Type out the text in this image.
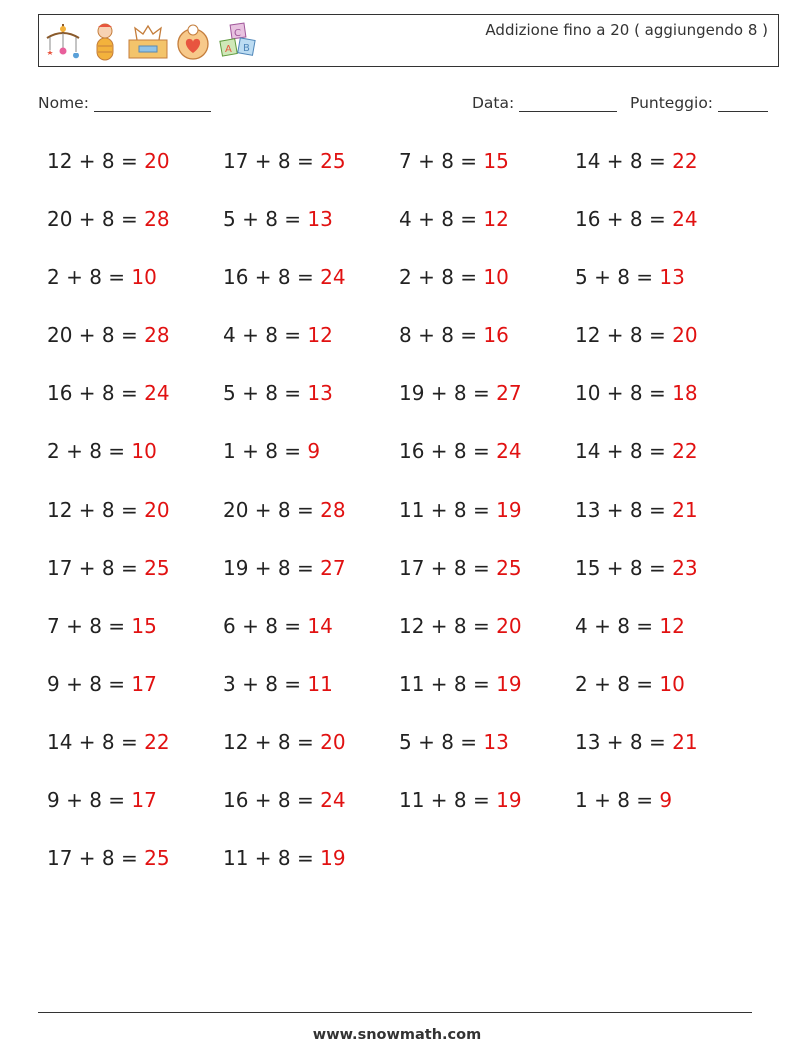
C
A B
Addizione fino a 20 ( aggiungendo 8 )
Nome:	Data:	Punteggio:
12 + 8 = 20	17 + 8 = 25	7 + 8 = 15	14 + 8 = 22
20 + 8 = 28	5 + 8 = 13	4 + 8 = 12	16 + 8 = 24
2 + 8 = 10	16 + 8 = 24	2 + 8 = 10	5 + 8 = 13
20 + 8 = 28	4 + 8 = 12	8 + 8 = 16	12 + 8 = 20
16 + 8 = 24	5 + 8 = 13	19 + 8 = 27	10 + 8 = 18
2 + 8 = 10	1 + 8 = 9	16 + 8 = 24	14 + 8 = 22
12 + 8 = 20	20 + 8 = 28	11 + 8 = 19	13 + 8 = 21
17 + 8 = 25	19 + 8 = 27	17 + 8 = 25	15 + 8 = 23
7 + 8 = 15	6 + 8 = 14	12 + 8 = 20	4 + 8 = 12
9 + 8 = 17	3 + 8 = 11	11 + 8 = 19	2 + 8 = 10
14 + 8 = 22	12 + 8 = 20	5 + 8 = 13	13 + 8 = 21
9 + 8 = 17	16 + 8 = 24	11 + 8 = 19	1 + 8 = 9
17 + 8 = 25	11 + 8 = 19
www.snowmath.com
